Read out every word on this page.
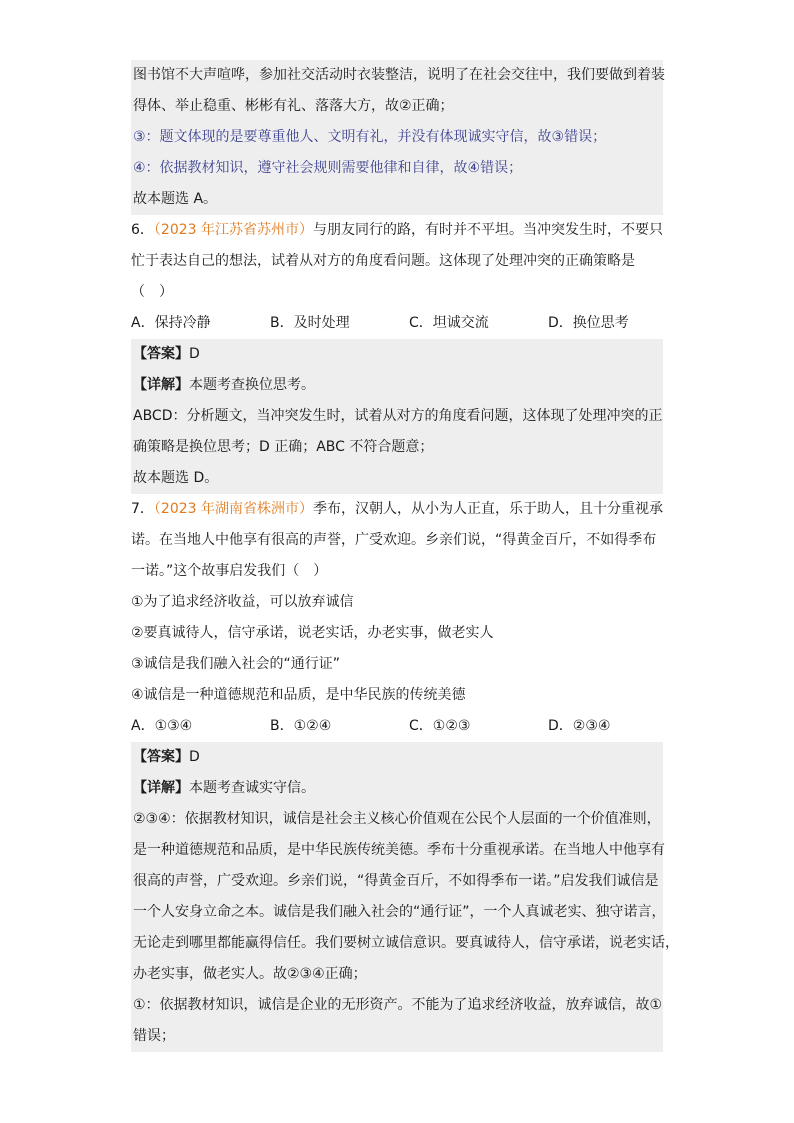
图书馆不大声喧哗，参加社交活动时衣装整洁，说明了在社会交往中，我们要做到着装
得体、举止稳重、彬彬有礼、落落大方，故②正确；
③：题文体现的是要尊重他人、文明有礼，并没有体现诚实守信，故③错误；
④：依据教材知识，遵守社会规则需要他律和自律，故④错误；
故本题选 A。
6．（2023 年江苏省苏州市）与朋友同行的路，有时并不平坦。当冲突发生时，不要只
忙于表达自己的想法，试着从对方的角度看问题。这体现了处理冲突的正确策略是
（　）
A．保持冷静	B．及时处理	C．坦诚交流	D．换位思考
【答案】D
【详解】本题考查换位思考。
ABCD：分析题文，当冲突发生时，试着从对方的角度看问题，这体现了处理冲突的正
确策略是换位思考；D 正确；ABC 不符合题意；
故本题选 D。
7．（2023 年湖南省株洲市）季布，汉朝人，从小为人正直，乐于助人，且十分重视承
诺。在当地人中他享有很高的声誉，广受欢迎。乡亲们说，“得黄金百斤，不如得季布
一诺。”这个故事启发我们（　）
①为了追求经济收益，可以放弃诚信
②要真诚待人，信守承诺，说老实话，办老实事，做老实人
③诚信是我们融入社会的“通行证”
④诚信是一种道德规范和品质，是中华民族的传统美德
A．①③④	B．①②④	C．①②③	D．②③④
【答案】D
【详解】本题考查诚实守信。
②③④：依据教材知识，诚信是社会主义核心价值观在公民个人层面的一个价值准则，
是一种道德规范和品质，是中华民族传统美德。季布十分重视承诺。在当地人中他享有
很高的声誉，广受欢迎。乡亲们说，“得黄金百斤，不如得季布一诺。”启发我们诚信是
一个人安身立命之本。诚信是我们融入社会的“通行证”，一个人真诚老实、独守诺言，
无论走到哪里都能赢得信任。我们要树立诚信意识。要真诚待人，信守承诺，说老实话，
办老实事，做老实人。故②③④正确；
①：依据教材知识，诚信是企业的无形资产。不能为了追求经济收益，放弃诚信，故①
错误；
